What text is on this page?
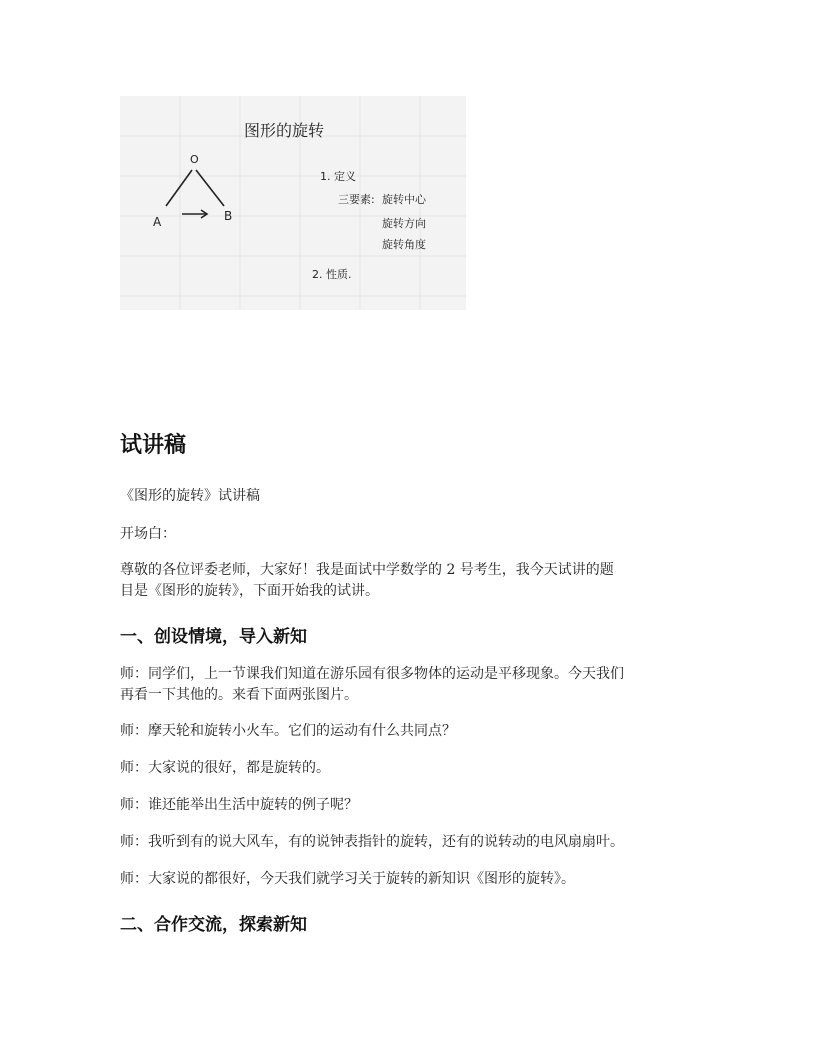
图形的旋转
O
A	B
1. 定义
三要素: 旋转中心
旋转方向
旋转角度
2. 性质.
试讲稿

《图形的旋转》试讲稿

开场白：

尊敬的各位评委老师，大家好！我是面试中学数学的 2 号考生，我今天试讲的题

目是《图形的旋转》，下面开始我的试讲。

一、创设情境，导入新知

师：同学们，上一节课我们知道在游乐园有很多物体的运动是平移现象。今天我们

再看一下其他的。来看下面两张图片。

师：摩天轮和旋转小火车。它们的运动有什么共同点？

师：大家说的很好，都是旋转的。

师：谁还能举出生活中旋转的例子呢？

师：我听到有的说大风车，有的说钟表指针的旋转，还有的说转动的电风扇扇叶。

师：大家说的都很好，今天我们就学习关于旋转的新知识《图形的旋转》。

二、合作交流，探索新知
